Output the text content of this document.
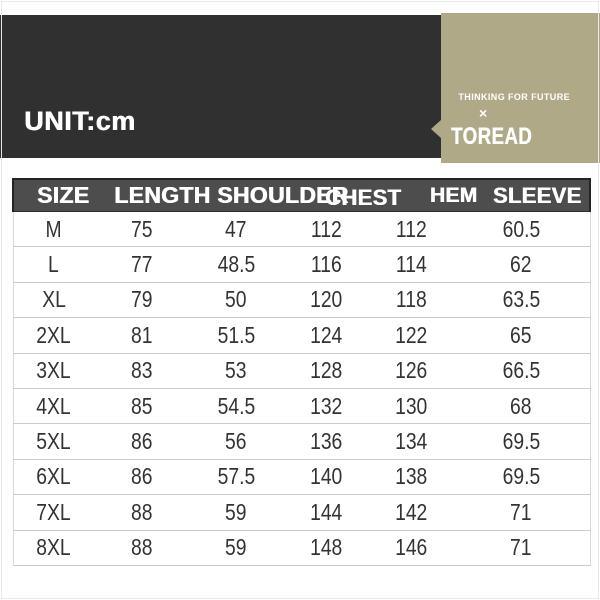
UNIT:cm
THINKING FOR FUTURE
×
TOREAD
SIZE	LENGTH	SHOULDER	CHEST	HEM	SLEEVE
M	75	47	112	112	60.5
L	77	48.5	116	114	62
XL	79	50	120	118	63.5
2XL	81	51.5	124	122	65
3XL	83	53	128	126	66.5
4XL	85	54.5	132	130	68
5XL	86	56	136	134	69.5
6XL	86	57.5	140	138	69.5
7XL	88	59	144	142	71
8XL	88	59	148	146	71
